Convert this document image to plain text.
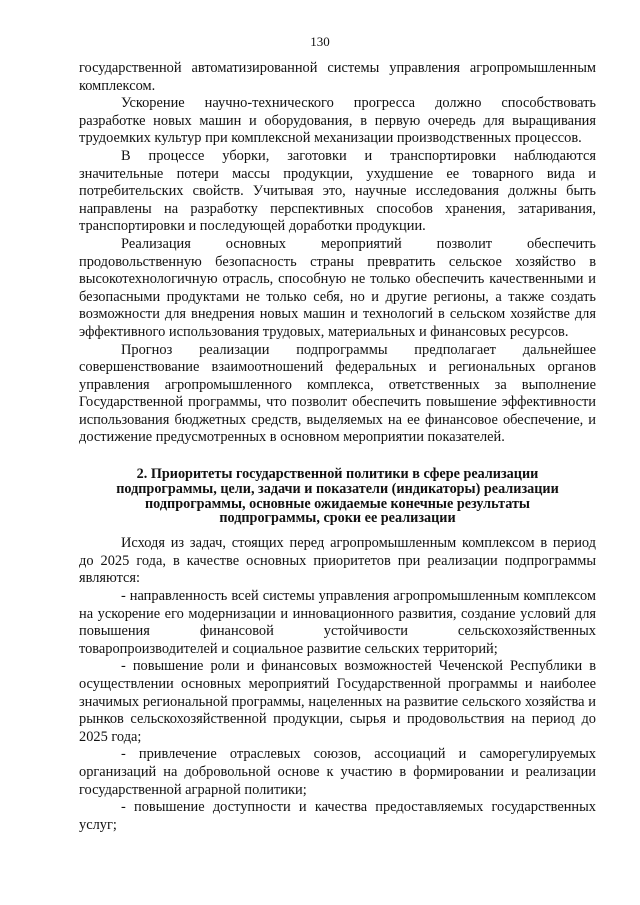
130

государственной автоматизированной системы управления агропромышленным комплексом.

Ускорение научно-технического прогресса должно способствовать разработке новых машин и оборудования, в первую очередь для выращивания трудоемких культур при комплексной механизации производственных процессов.

В процессе уборки, заготовки и транспортировки наблюдаются значительные потери массы продукции, ухудшение ее товарного вида и потребительских свойств. Учитывая это, научные исследования должны быть направлены на разработку перспективных способов хранения, затаривания, транспортировки и последующей доработки продукции.

Реализация основных мероприятий позволит обеспечить продовольственную безопасность страны превратить сельское хозяйство в высокотехнологичную отрасль, способную не только обеспечить качественными и безопасными продуктами не только себя, но и другие регионы, а также создать возможности для внедрения новых машин и технологий в сельском хозяйстве для эффективного использования трудовых, материальных и финансовых ресурсов.

Прогноз реализации подпрограммы предполагает дальнейшее совершенствование взаимоотношений федеральных и региональных органов управления агропромышленного комплекса, ответственных за выполнение Государственной программы, что позволит обеспечить повышение эффективности использования бюджетных средств, выделяемых на ее финансовое обеспечение, и достижение предусмотренных в основном мероприятии показателей.

2. Приоритеты государственной политики в сфере реализации подпрограммы, цели, задачи и показатели (индикаторы) реализации подпрограммы, основные ожидаемые конечные результаты подпрограммы, сроки ее реализации

Исходя из задач, стоящих перед агропромышленным комплексом в период до 2025 года, в качестве основных приоритетов при реализации подпрограммы являются:

- направленность всей системы управления агропромышленным комплексом на ускорение его модернизации и инновационного развития, создание условий для повышения финансовой устойчивости сельскохозяйственных товаропроизводителей и социальное развитие сельских территорий;

- повышение роли и финансовых возможностей Чеченской Республики в осуществлении основных мероприятий Государственной программы и наиболее значимых региональной программы, нацеленных на развитие сельского хозяйства и рынков сельскохозяйственной продукции, сырья и продовольствия на период до 2025 года;

- привлечение отраслевых союзов, ассоциаций и саморегулируемых организаций на добровольной основе к участию в формировании и реализации государственной аграрной политики;

- повышение доступности и качества предоставляемых государственных услуг;
